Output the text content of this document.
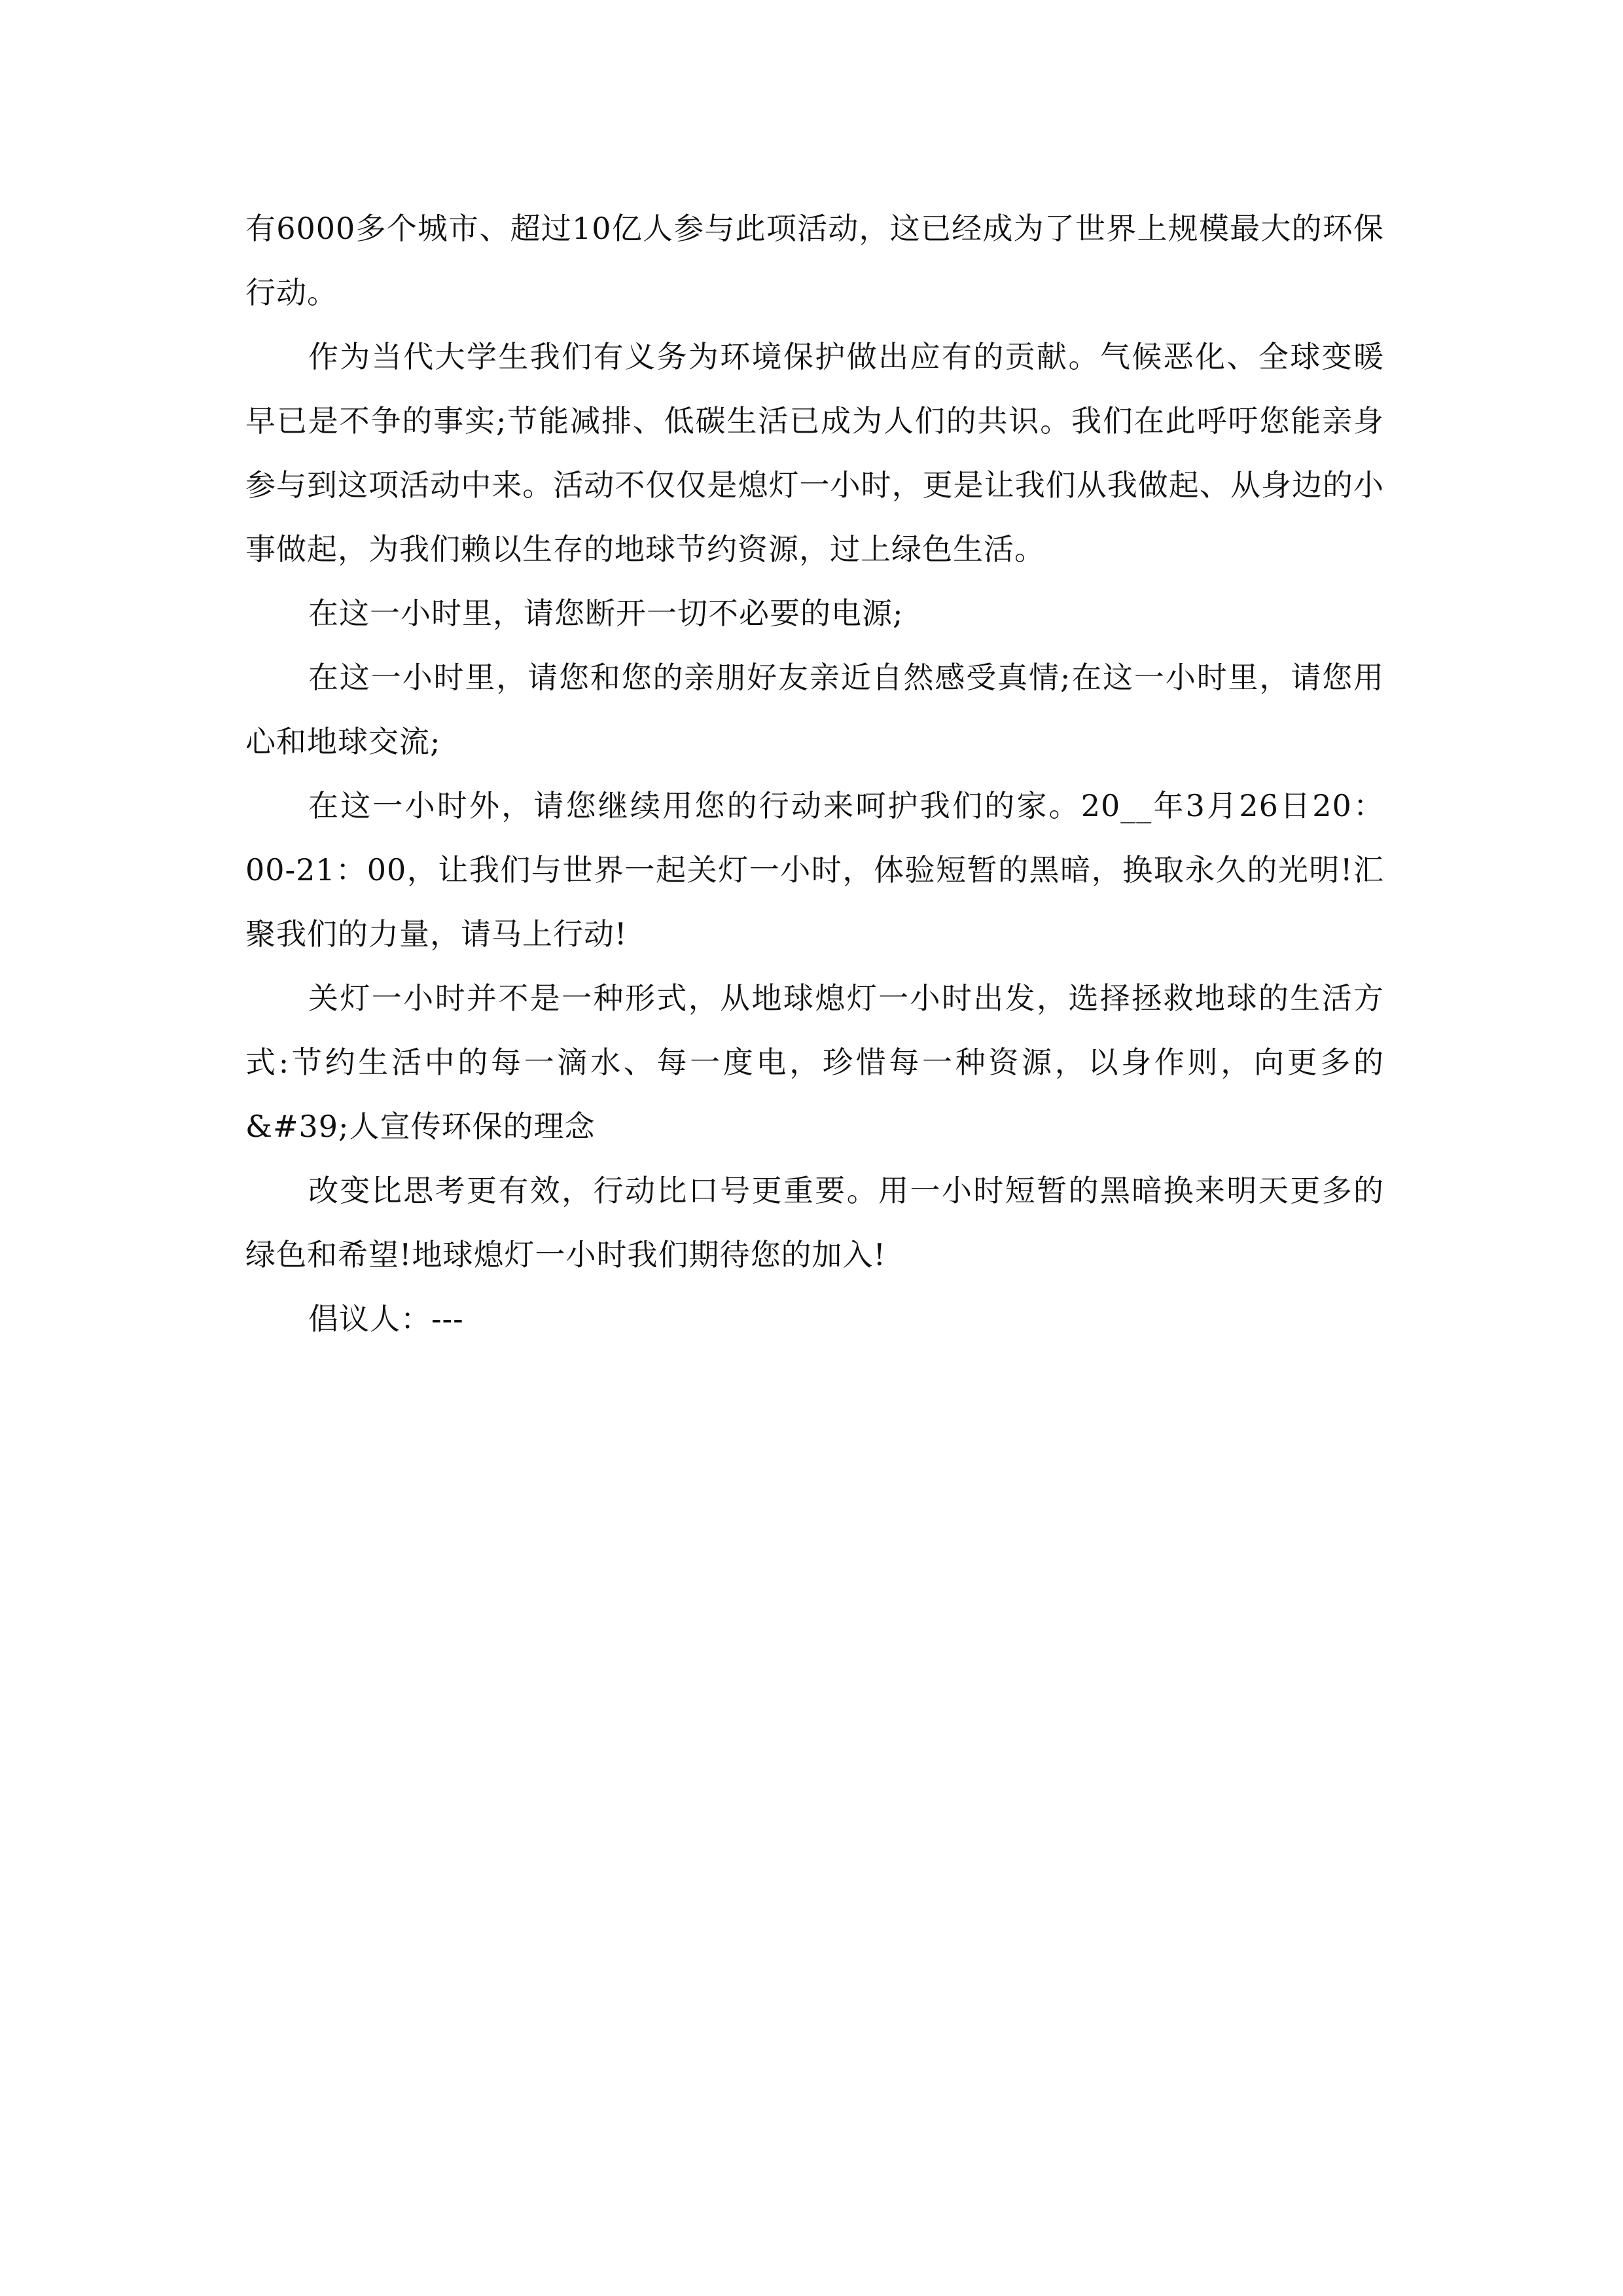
有6000多个城市、超过10亿人参与此项活动，这已经成为了世界上规模最大的环保行动。

作为当代大学生我们有义务为环境保护做出应有的贡献。气候恶化、全球变暖早已是不争的事实;节能减排、低碳生活已成为人们的共识。我们在此呼吁您能亲身参与到这项活动中来。活动不仅仅是熄灯一小时，更是让我们从我做起、从身边的小事做起，为我们赖以生存的地球节约资源，过上绿色生活。

在这一小时里，请您断开一切不必要的电源;

在这一小时里，请您和您的亲朋好友亲近自然感受真情;在这一小时里，请您用心和地球交流;

在这一小时外，请您继续用您的行动来呵护我们的家。20__年3月26日20：00-21：00，让我们与世界一起关灯一小时，体验短暂的黑暗，换取永久的光明!汇聚我们的力量，请马上行动!

关灯一小时并不是一种形式，从地球熄灯一小时出发，选择拯救地球的生活方式:节约生活中的每一滴水、每一度电，珍惜每一种资源，以身作则，向更多的&#39;人宣传环保的理念

改变比思考更有效，行动比口号更重要。用一小时短暂的黑暗换来明天更多的绿色和希望!地球熄灯一小时我们期待您的加入!

倡议人：---
